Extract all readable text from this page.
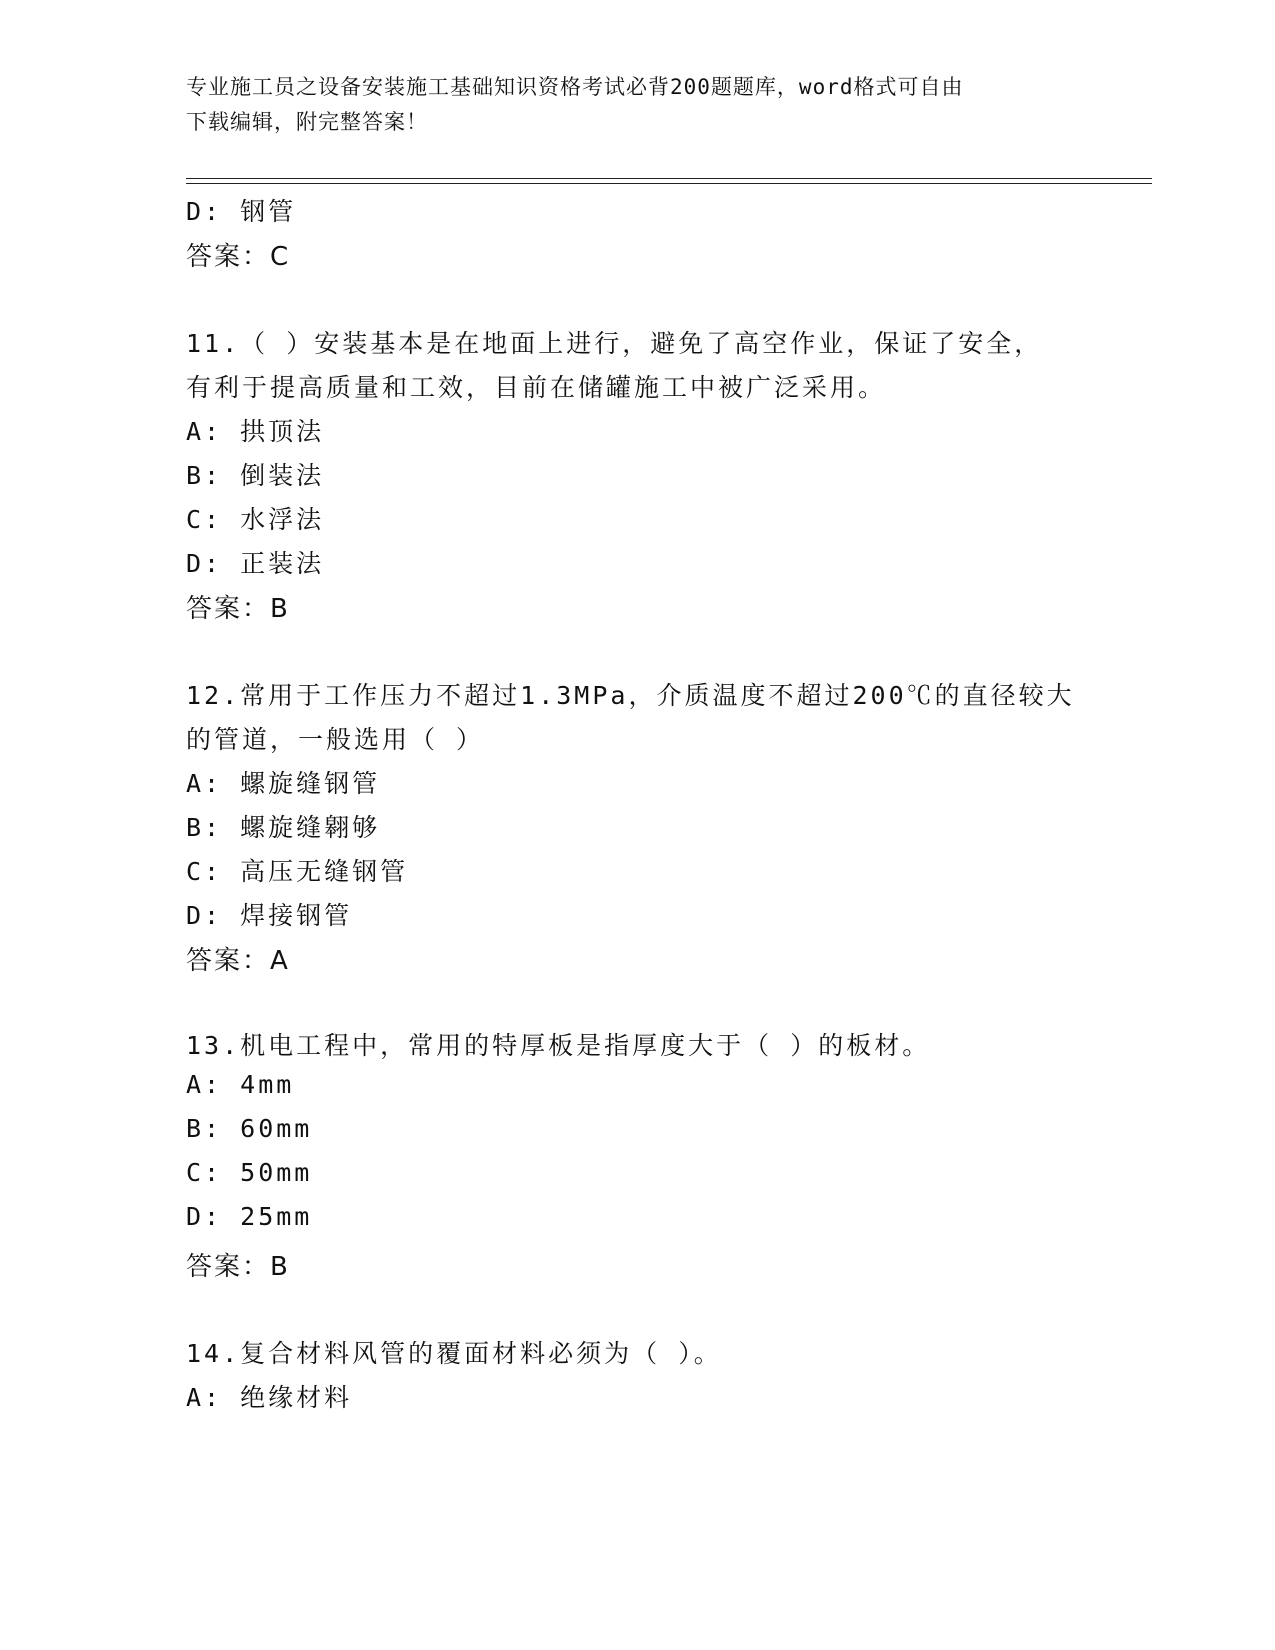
专业施工员之设备安装施工基础知识资格考试必背200题题库，word格式可自由
下载编辑，附完整答案！
D: 钢管
答案：C
11.（ ）安装基本是在地面上进行，避免了高空作业，保证了安全，
有利于提高质量和工效，目前在储罐施工中被广泛采用。
A: 拱顶法
B: 倒装法
C: 水浮法
D: 正装法
答案：B
12.常用于工作压力不超过1.3MPa，介质温度不超过200℃的直径较大
的管道，一般选用（ ）
A: 螺旋缝钢管
B: 螺旋缝翱够
C: 高压无缝钢管
D: 焊接钢管
答案：A
13.机电工程中，常用的特厚板是指厚度大于（ ）的板材。
A: 4mm
B: 60mm
C: 50mm
D: 25mm
答案：B
14.复合材料风管的覆面材料必须为（ ）。
A: 绝缘材料
